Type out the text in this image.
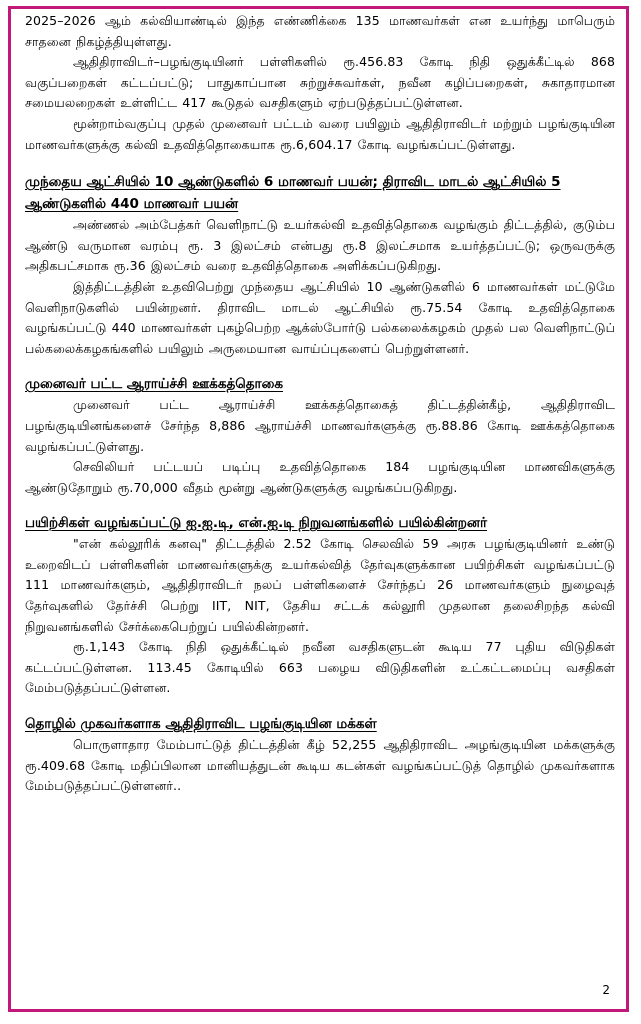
2025–2026 ஆம் கல்வியாண்டில் இந்த எண்ணிக்கை 135 மாணவர்கள் என உயர்ந்து மாபெரும் சாதனை நிகழ்த்தியுள்ளது.

ஆதிதிராவிடர்–பழங்குடியினர் பள்ளிகளில் ரூ.456.83 கோடி நிதி ஒதுக்கீட்டில் 868 வகுப்பறைகள் கட்டப்பட்டு; பாதுகாப்பான சுற்றுச்சுவர்கள், நவீன கழிப்பறைகள், சுகாதாரமான சமையலறைகள் உள்ளிட்ட 417 கூடுதல் வசதிகளும் ஏற்படுத்தப்பட்டுள்ளன.

மூன்றாம்வகுப்பு முதல் முனைவர் பட்டம் வரை பயிலும் ஆதிதிராவிடர் மற்றும் பழங்குடியின மாணவர்களுக்கு கல்வி உதவித்தொகையாக ரூ.6,604.17 கோடி வழங்கப்பட்டுள்ளது.

முந்தைய ஆட்சியில் 10 ஆண்டுகளில் 6 மாணவர் பயன்; திராவிட மாடல் ஆட்சியில் 5 ஆண்டுகளில் 440 மாணவர் பயன்

அண்ணல் அம்பேத்கர் வெளிநாட்டு உயர்கல்வி உதவித்தொகை வழங்கும் திட்டத்தில், குடும்ப ஆண்டு வருமான வரம்பு ரூ. 3 இலட்சம் என்பது ரூ.8 இலட்சமாக உயர்த்தப்பட்டு; ஒருவருக்கு அதிகபட்சமாக ரூ.36 இலட்சம் வரை உதவித்தொகை அளிக்கப்படுகிறது.

இத்திட்டத்தின் உதவிபெற்று முந்தைய ஆட்சியில் 10 ஆண்டுகளில் 6 மாணவர்கள் மட்டுமே வெளிநாடுகளில் பயின்றனர். திராவிட மாடல் ஆட்சியில் ரூ.75.54 கோடி உதவித்தொகை வழங்கப்பட்டு 440 மாணவர்கள் புகழ்பெற்ற ஆக்ஸ்போர்டு பல்கலைக்கழகம் முதல் பல வெளிநாட்டுப் பல்கலைக்கழகங்களில் பயிலும் அருமையான வாய்ப்புகளைப் பெற்றுள்ளனர்.

முனைவர் பட்ட ஆராய்ச்சி ஊக்கத்தொகை

முனைவர் பட்ட ஆராய்ச்சி ஊக்கத்தொகைத் திட்டத்தின்கீழ், ஆதிதிராவிட பழங்குடியினங்களைச் சேர்ந்த 8,886 ஆராய்ச்சி மாணவர்களுக்கு ரூ.88.86 கோடி ஊக்கத்தொகை வழங்கப்பட்டுள்ளது.

செவிலியர் பட்டயப் படிப்பு உதவித்தொகை 184 பழங்குடியின மாணவிகளுக்கு ஆண்டுதோறும் ரூ.70,000 வீதம் மூன்று ஆண்டுகளுக்கு வழங்கப்படுகிறது.

பயிற்சிகள் வழங்கப்பட்டு ஐ.ஐ.டி, என்.ஐ.டி நிறுவனங்களில் பயில்கின்றனர்

"என் கல்லூரிக் கனவு" திட்டத்தில் 2.52 கோடி செலவில் 59 அரசு பழங்குடியினர் உண்டு உறைவிடப் பள்ளிகளின் மாணவர்களுக்கு உயர்கல்வித் தேர்வுகளுக்கான பயிற்சிகள் வழங்கப்பட்டு 111 மாணவர்களும், ஆதிதிராவிடர் நலப் பள்ளிகளைச் சேர்ந்தப் 26 மாணவர்களும் நுழைவுத் தேர்வுகளில் தேர்ச்சி பெற்று IIT, NIT, தேசிய சட்டக் கல்லூரி முதலான தலைசிறந்த கல்வி நிறுவனங்களில் சேர்க்கைபெற்றுப் பயில்கின்றனர்.

ரூ.1,143 கோடி நிதி ஒதுக்கீட்டில் நவீன வசதிகளுடன் கூடிய 77 புதிய விடுதிகள் கட்டப்பட்டுள்ளன. 113.45 கோடியில் 663 பழைய விடுதிகளின் உட்கட்டமைப்பு வசதிகள் மேம்படுத்தப்பட்டுள்ளன.

தொழில் முகவர்களாக ஆதிதிராவிட பழங்குடியின மக்கள்

பொருளாதார மேம்பாட்டுத் திட்டத்தின் கீழ் 52,255 ஆதிதிராவிட அழங்குடியின மக்களுக்கு ரூ.409.68 கோடி மதிப்பிலான மானியத்துடன் கூடிய கடன்கள் வழங்கப்பட்டுத் தொழில் முகவர்களாக மேம்படுத்தப்பட்டுள்ளனர்..

2
